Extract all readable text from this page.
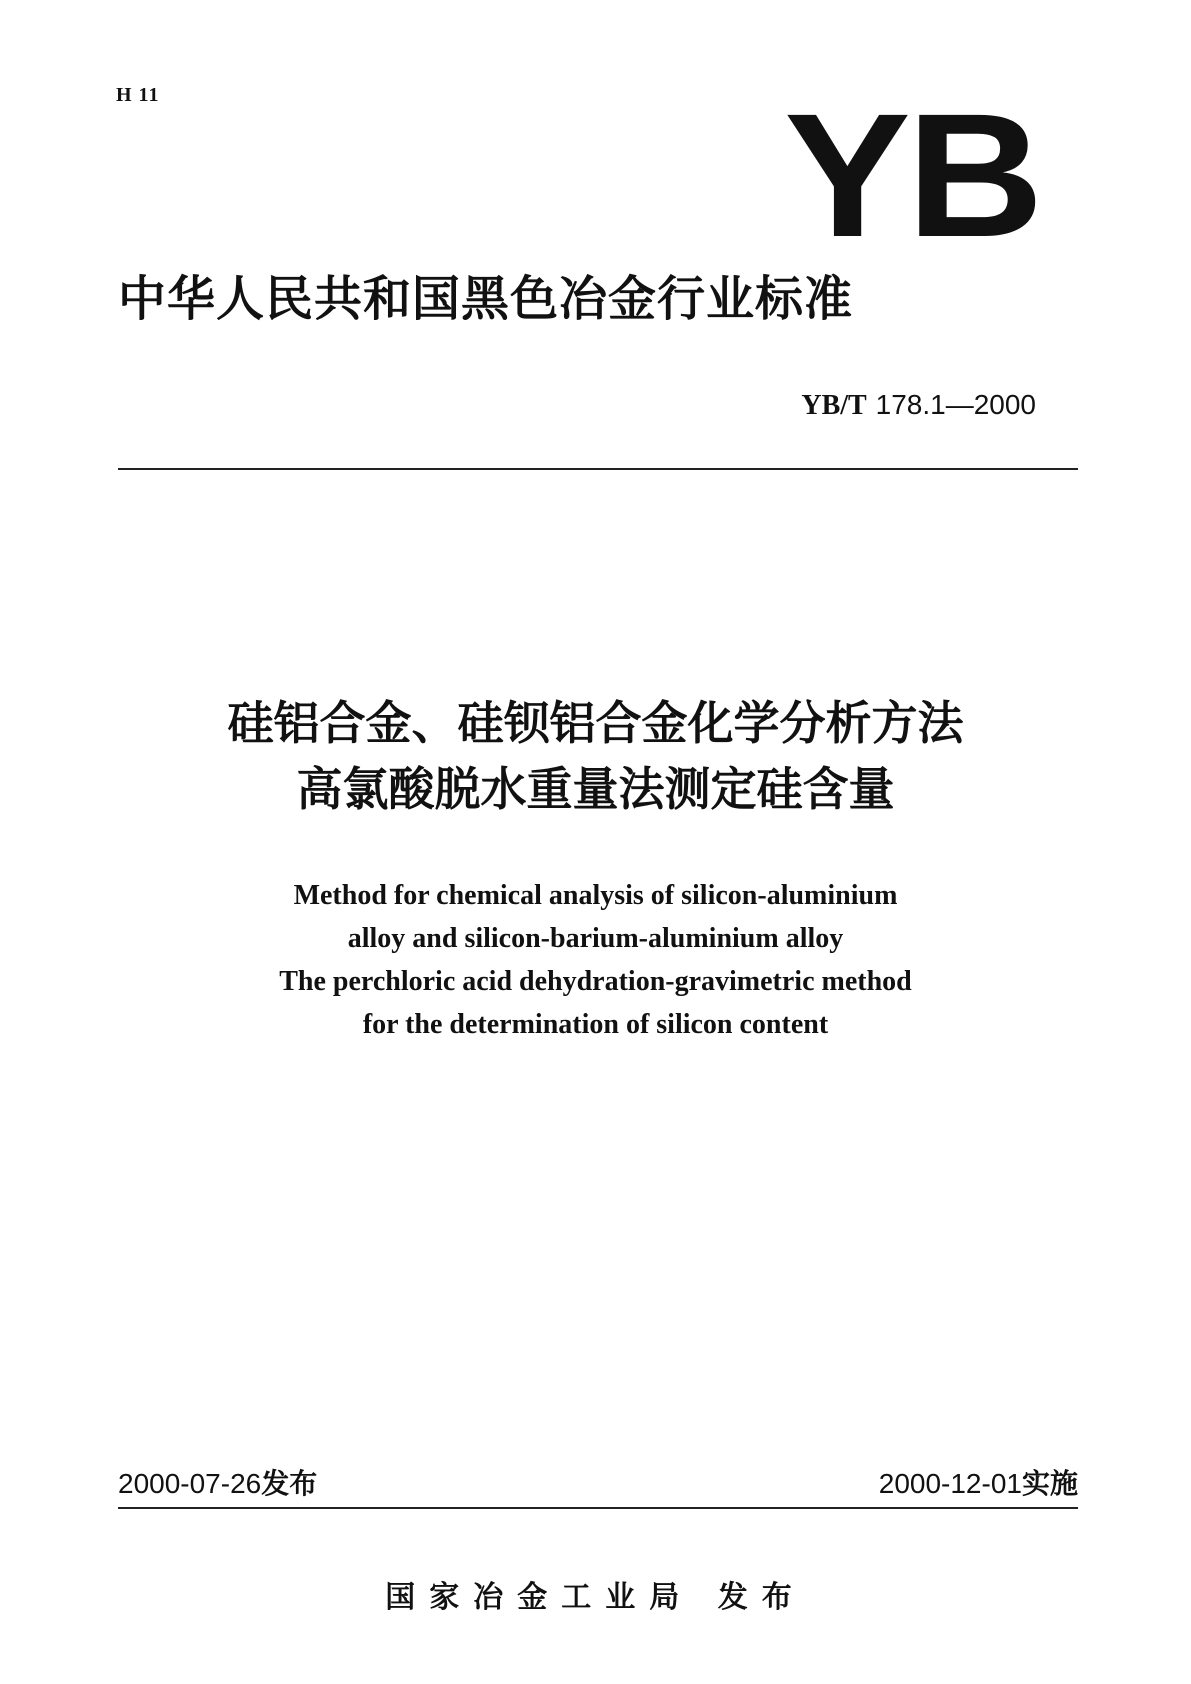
H 11	YB
中华人民共和国黑色冶金行业标准
YB/T 178.1—2000
硅铝合金、硅钡铝合金化学分析方法
高氯酸脱水重量法测定硅含量
Method for chemical analysis of silicon-aluminium
alloy and silicon-barium-aluminium alloy
The perchloric acid dehydration-gravimetric method
for the determination of silicon content
2000-07-26发布	2000-12-01实施
国家冶金工业局 发布
